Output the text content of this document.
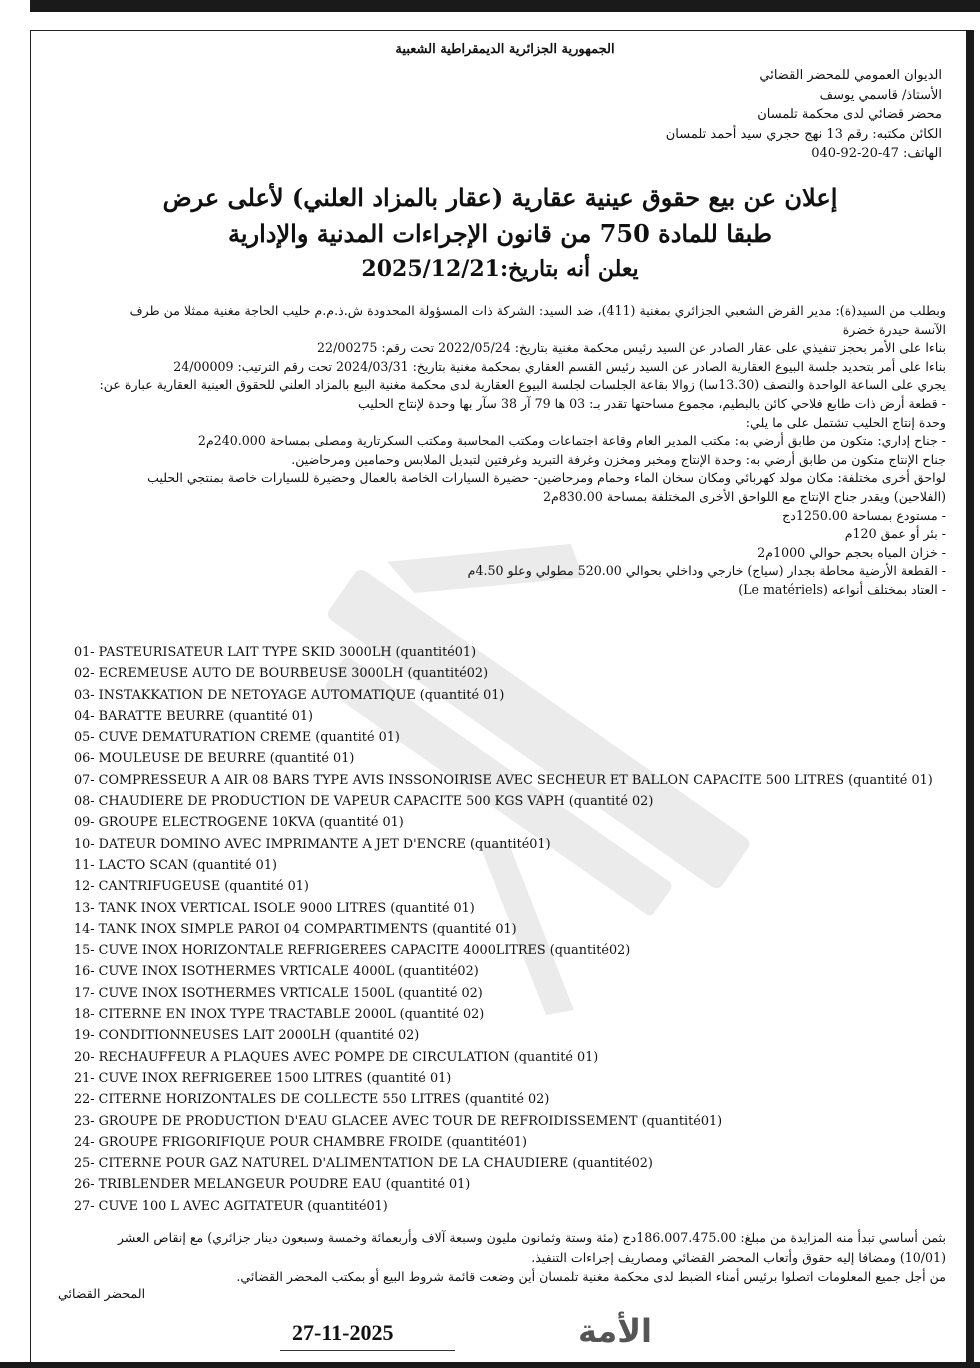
الجمهورية الجزائرية الديمقراطية الشعبية
الديوان العمومي للمحضر القضائي
الأستاذ/ قاسمي يوسف
محضر قضائي لدى محكمة تلمسان
الكائن مكتبه: رقم 13 نهج حجري سيد أحمد تلمسان
الهاتف: 47-20-92-040
إعلان عن بيع حقوق عينية عقارية (عقار بالمزاد العلني) لأعلى عرض
طبقا للمادة 750 من قانون الإجراءات المدنية والإدارية
يعلن أنه بتاريخ:2025/12/21
وبطلب من السيد(ة): مدير القرض الشعبي الجزائري بمغنية (411)، ضد السيد: الشركة ذات المسؤولة المحدودة ش.ذ.م.م حليب الحاجة مغنية ممثلا من طرف
الآنسة حيدرة خضرة
بناءا على الأمر بحجز تنفيذي على عقار الصادر عن السيد رئيس محكمة مغنية بتاريخ: 2022/05/24 تحت رقم: 22/00275
بناءا على أمر بتحديد جلسة البيوع العقارية الصادر عن السيد رئيس القسم العقاري بمحكمة مغنية بتاريخ: 2024/03/31 تحت رقم الترتيب: 24/00009
يجري على الساعة الواحدة والنصف (13.30سا) زوالا بقاعة الجلسات لجلسة البيوع العقارية لدى محكمة مغنية البيع بالمزاد العلني للحقوق العينية العقارية عبارة عن:
- قطعة أرض ذات طابع فلاحي كائن بالبطيم، مجموع مساحتها تقدر بـ: 03 ها 79 آر 38 سآر بها وحدة لإنتاج الحليب
وحدة إنتاج الحليب تشتمل على ما يلي:
- جناح إداري: متكون من طابق أرضي به: مكتب المدير العام وقاعة اجتماعات ومكتب المحاسبة ومكتب السكرتارية ومصلى بمساحة 240.000م2
جناح الإنتاج متكون من طابق أرضي به: وحدة الإنتاج ومخبر ومخزن وغرفة التبريد وغرفتين لتبديل الملابس وحمامين ومرحاضين.
لواحق أخرى مختلفة: مكان مولد كهربائي ومكان سخان الماء وحمام ومرحاضين- حضيرة السيارات الخاصة بالعمال وحضيرة للسيارات خاصة بمنتجي الحليب
(الفلاحين) ويقدر جناح الإنتاج مع اللواحق الأخرى المختلفة بمساحة 830.00م2
- مستودع بمساحة 1250.00دج
- بئر أو عمق 120م
- خزان المياه بحجم حوالي 1000م2
- القطعة الأرضية محاطة بجدار (سياج) خارجي وداخلي بحوالي 520.00 مطولي وعلو 4.50م
- العتاد بمختلف أنواعه (Le matériels)
01- PASTEURISATEUR LAIT TYPE SKID 3000LH (quantité01)
02- ECREMEUSE AUTO DE BOURBEUSE 3000LH (quantité02)
03- INSTAKKATION DE NETOYAGE AUTOMATIQUE (quantité 01)
04- BARATTE BEURRE (quantité 01)
05- CUVE DEMATURATION CREME (quantité 01)
06- MOULEUSE DE BEURRE (quantité 01)
07- COMPRESSEUR A AIR 08 BARS TYPE AVIS INSSONOIRISE AVEC SECHEUR ET BALLON CAPACITE 500 LITRES (quantité 01)
08- CHAUDIERE DE PRODUCTION DE VAPEUR CAPACITE 500 KGS VAPH (quantité 02)
09- GROUPE ELECTROGENE 10KVA (quantité 01)
10- DATEUR DOMINO AVEC IMPRIMANTE A JET D'ENCRE (quantité01)
11- LACTO SCAN (quantité 01)
12- CANTRIFUGEUSE (quantité 01)
13- TANK INOX VERTICAL ISOLE 9000 LITRES (quantité 01)
14- TANK INOX SIMPLE PAROI 04 COMPARTIMENTS (quantité 01)
15- CUVE INOX HORIZONTALE REFRIGEREES CAPACITE 4000LITRES (quantité02)
16- CUVE INOX ISOTHERMES VRTICALE 4000L (quantité02)
17- CUVE INOX ISOTHERMES VRTICALE 1500L (quantité 02)
18- CITERNE EN INOX TYPE TRACTABLE 2000L (quantité 02)
19- CONDITIONNEUSES LAIT 2000LH (quantité 02)
20- RECHAUFFEUR A PLAQUES AVEC POMPE DE CIRCULATION (quantité 01)
21- CUVE INOX REFRIGEREE 1500 LITRES (quantité 01)
22- CITERNE HORIZONTALES DE COLLECTE 550 LITRES (quantité 02)
23- GROUPE DE PRODUCTION D'EAU GLACEE AVEC TOUR DE REFROIDISSEMENT (quantité01)
24- GROUPE FRIGORIFIQUE POUR CHAMBRE FROIDE (quantité01)
25- CITERNE POUR GAZ NATUREL D'ALIMENTATION DE LA CHAUDIERE (quantité02)
26- TRIBLENDER MELANGEUR POUDRE EAU (quantité 01)
27- CUVE 100 L AVEC AGITATEUR (quantité01)
بثمن أساسي تبدأ منه المزايدة من مبلغ: 186.007.475.00دج (مئة وستة وثمانون مليون وسبعة آلاف وأربعمائة وخمسة وسبعون دينار جزائري) مع إنقاص العشر
(10/01) ومضافا إليه حقوق وأتعاب المحضر القضائي ومصاريف إجراءات التنفيذ.
من أجل جميع المعلومات اتصلوا برئيس أمناء الضبط لدى محكمة مغنية تلمسان أين وضعت قائمة شروط البيع أو بمكتب المحضر القضائي.
المحضر القضائي
الأمة
27-11-2025
